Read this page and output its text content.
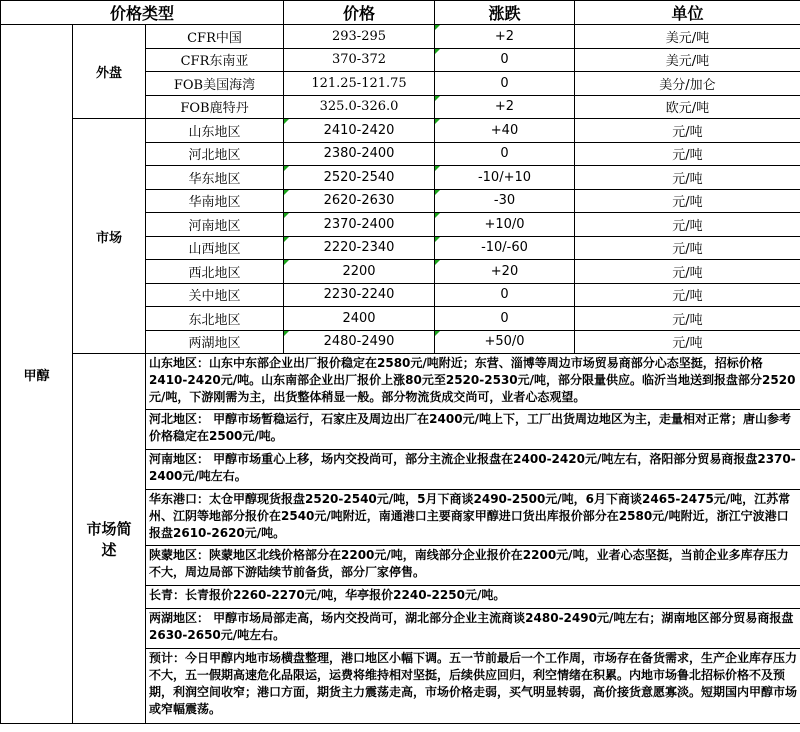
价格类型			价格	涨跌	单位
甲醇	外盘	CFR中国	293-295	+2	美元/吨
		CFR东南亚	370-372	0	美元/吨
		FOB美国海湾	121.25-121.75	0	美分/加仑
		FOB鹿特丹	325.0-326.0	+2	欧元/吨
	市场	山东地区	2410-2420	+40	元/吨
		河北地区	2380-2400	0	元/吨
		华东地区	2520-2540	-10/+10	元/吨
		华南地区	2620-2630	-30	元/吨
		河南地区	2370-2400	+10/0	元/吨
		山西地区	2220-2340	-10/-60	元/吨
		西北地区	2200	+20	元/吨
		关中地区	2230-2240	0	元/吨
		东北地区	2400	0	元/吨
		两湖地区	2480-2490	+50/0	元/吨
	市场简述	山东地区：山东中东部企业出厂报价稳定在2580元/吨附近；东营、淄博等周边市场贸易商部分心态坚挺，招标价格2410-2420元/吨。山东南部企业出厂报价上涨80元至2520-2530元/吨，部分限量供应。临沂当地送到报盘部分2520元/吨，下游刚需为主，出货整体稍显一般。部分物流货成交尚可，业者心态观望。			
		河北地区： 甲醇市场暂稳运行，石家庄及周边出厂在2400元/吨上下，工厂出货周边地区为主，走量相对正常；唐山参考价格稳定在2500元/吨。			
		河南地区： 甲醇市场重心上移，场内交投尚可，部分主流企业报盘在2400-2420元/吨左右，洛阳部分贸易商报盘2370-2400元/吨左右。			
		华东港口：太仓甲醇现货报盘2520-2540元/吨，5月下商谈2490-2500元/吨，6月下商谈2465-2475元/吨，江苏常州、江阴等地部分报价在2540元/吨附近，南通港口主要商家甲醇进口货出库报价部分在2580元/吨附近，浙江宁波港口报盘2610-2620元/吨。			
		陕蒙地区：陕蒙地区北线价格部分在2200元/吨，南线部分企业报价在2200元/吨，业者心态坚挺，当前企业多库存压力不大，周边局部下游陆续节前备货，部分厂家停售。			
		长青：长青报价2260-2270元/吨，华亭报价2240-2250元/吨。			
		两湖地区： 甲醇市场局部走高，场内交投尚可，湖北部分企业主流商谈2480-2490元/吨左右；湖南地区部分贸易商报盘2630-2650元/吨左右。			
		预计：今日甲醇内地市场横盘整理，港口地区小幅下调。五一节前最后一个工作周，市场存在备货需求，生产企业库存压力不大，五一假期高速危化品限运，运费将维持相对坚挺，后续供应回归，利空情绪在积累。内地市场鲁北招标价格不及预期，利润空间收窄；港口方面，期货主力震荡走高，市场价格走弱，买气明显转弱，高价接货意愿寡淡。短期国内甲醇市场或窄幅震荡。			
